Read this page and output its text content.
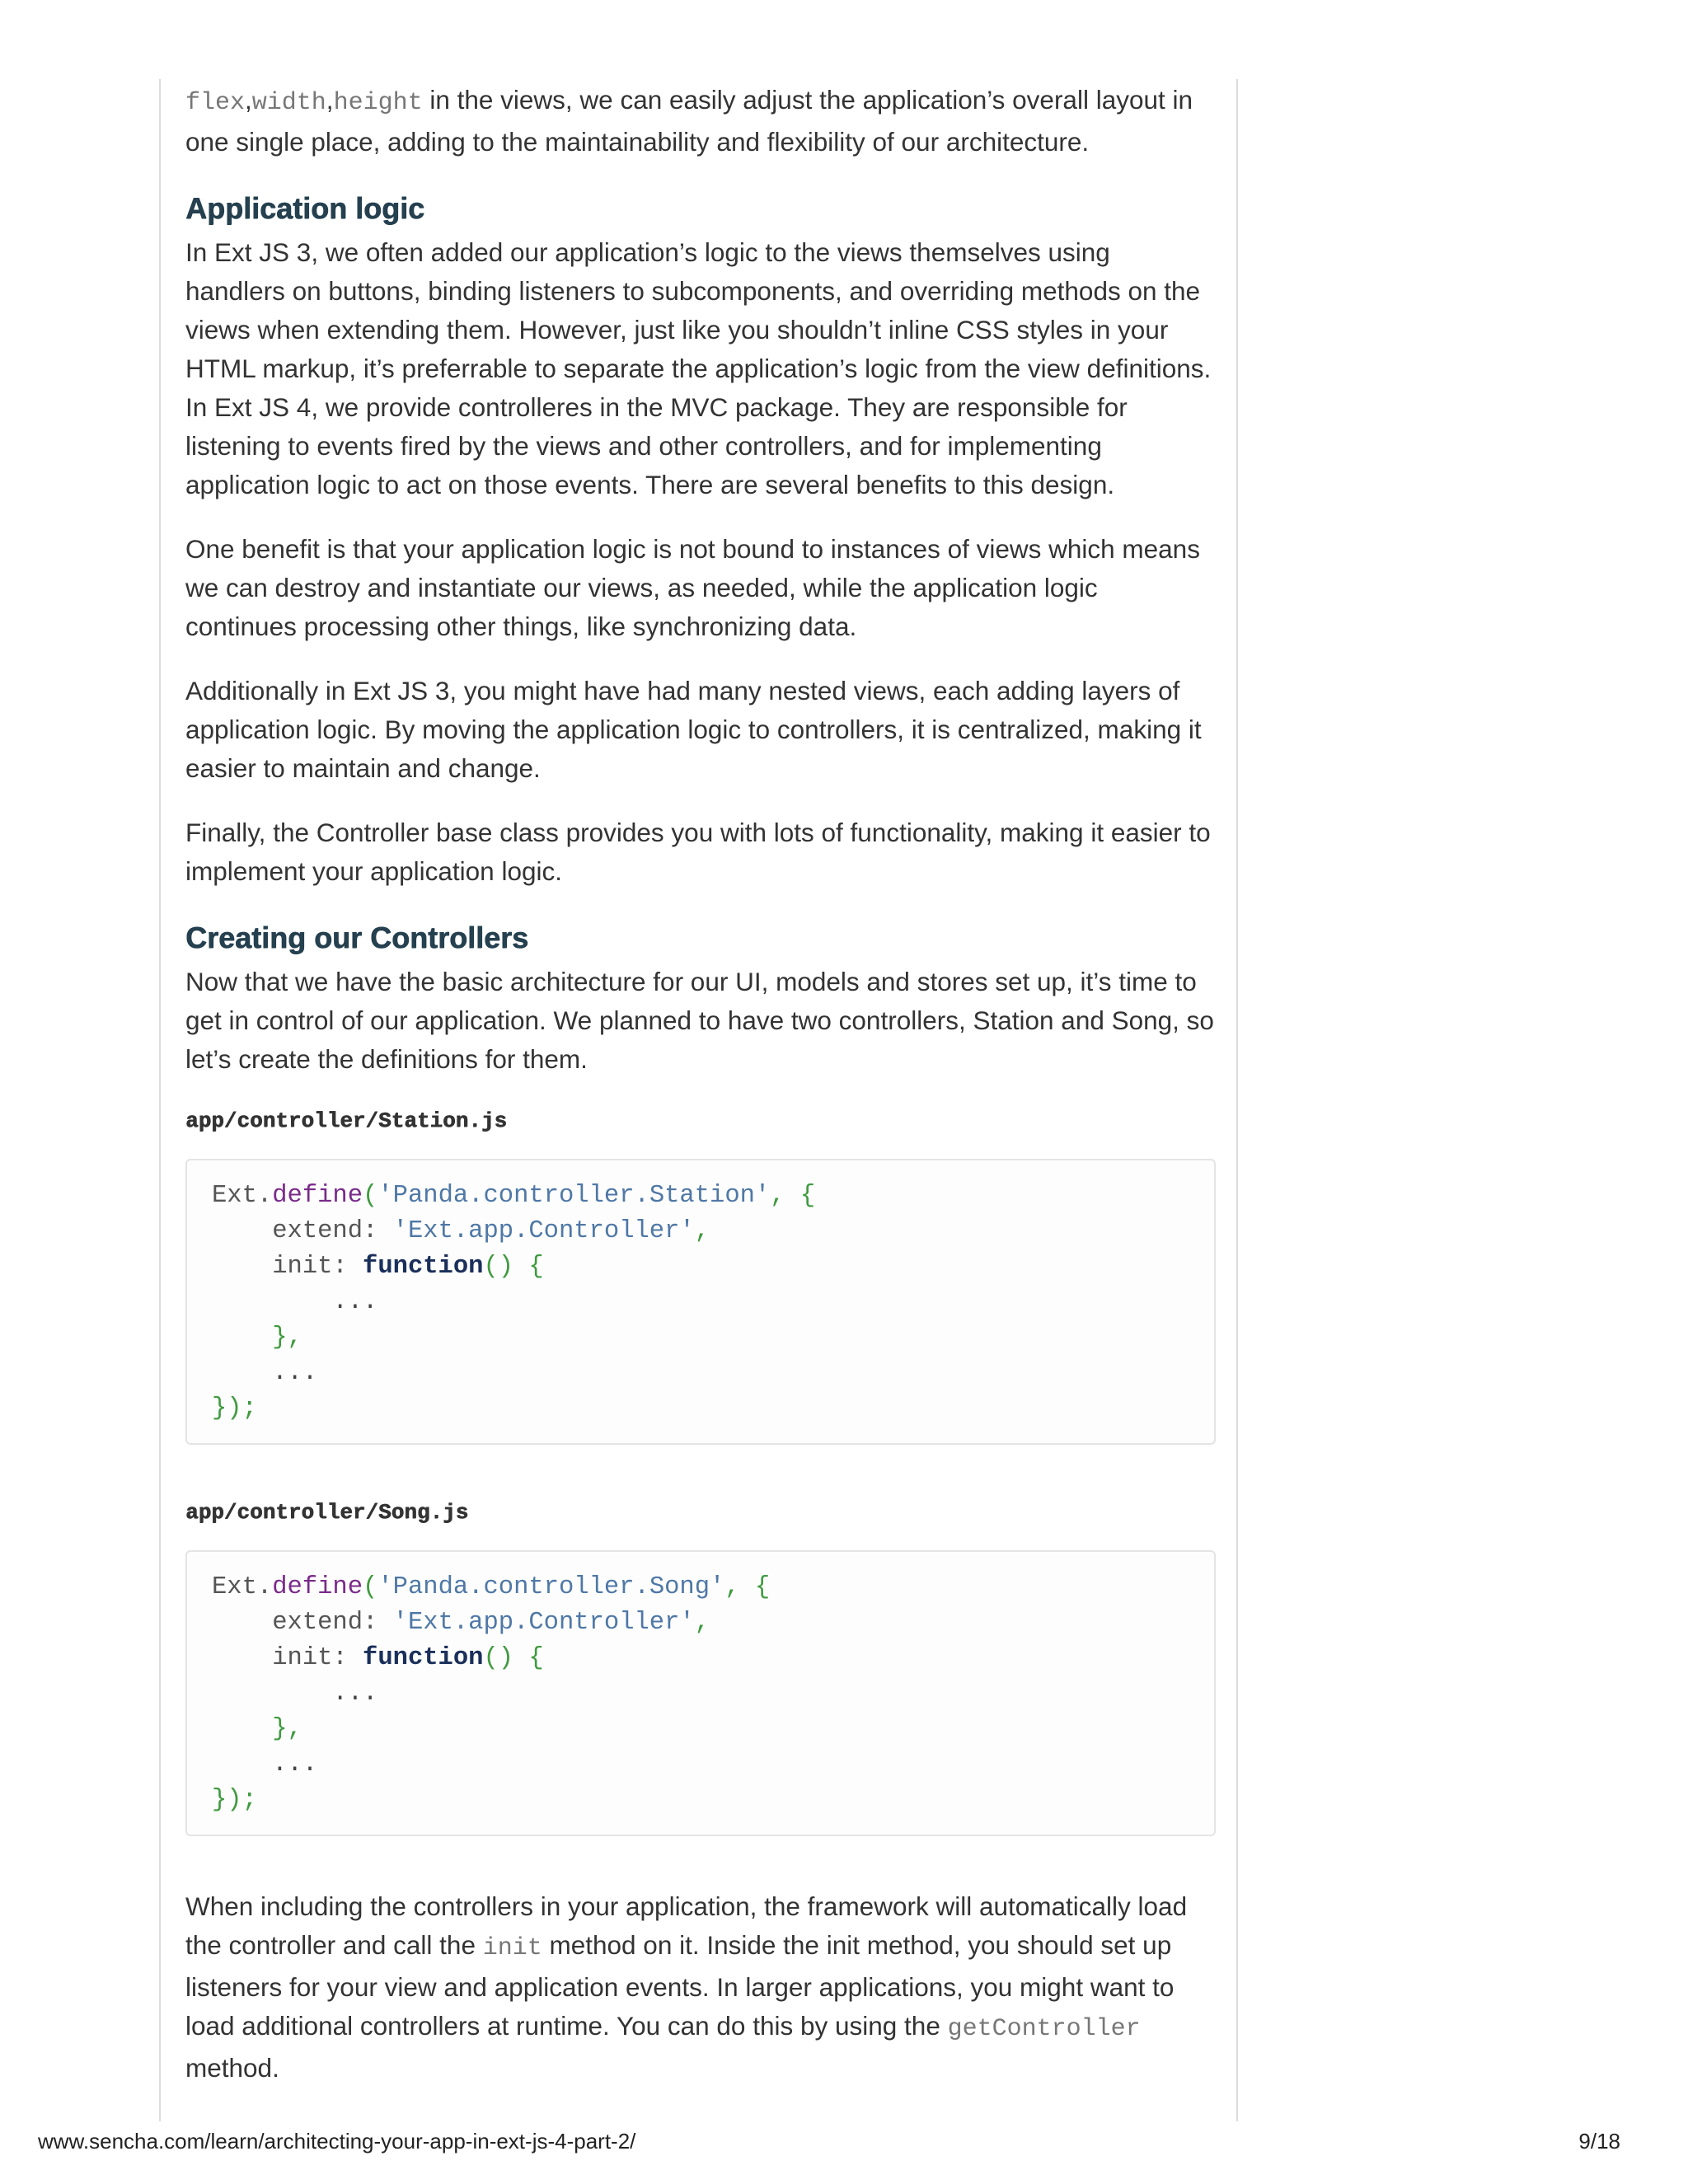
flex,width,height in the views, we can easily adjust the application’s overall layout in one single place, adding to the maintainability and flexibility of our architecture.

Application logic

In Ext JS 3, we often added our application’s logic to the views themselves using handlers on buttons, binding listeners to subcomponents, and overriding methods on the views when extending them. However, just like you shouldn’t inline CSS styles in your HTML markup, it’s preferrable to separate the application’s logic from the view definitions. In Ext JS 4, we provide controlleres in the MVC package. They are responsible for listening to events fired by the views and other controllers, and for implementing application logic to act on those events. There are several benefits to this design.

One benefit is that your application logic is not bound to instances of views which means we can destroy and instantiate our views, as needed, while the application logic continues processing other things, like synchronizing data.

Additionally in Ext JS 3, you might have had many nested views, each adding layers of application logic. By moving the application logic to controllers, it is centralized, making it easier to maintain and change.

Finally, the Controller base class provides you with lots of functionality, making it easier to implement your application logic.

Creating our Controllers

Now that we have the basic architecture for our UI, models and stores set up, it’s time to get in control of our application. We planned to have two controllers, Station and Song, so let’s create the definitions for them.

app/controller/Station.js
Ext.define('Panda.controller.Station', {
extend: 'Ext.app.Controller',
init: function() {
...
},
...
});
app/controller/Song.js
Ext.define('Panda.controller.Song', {
extend: 'Ext.app.Controller',
init: function() {
...
},
...
});

When including the controllers in your application, the framework will automatically load the controller and call the init method on it. Inside the init method, you should set up listeners for your view and application events. In larger applications, you might want to load additional controllers at runtime. You can do this by using the getController method.

www.sencha.com/learn/architecting-your-app-in-ext-js-4-part-2/	9/18
